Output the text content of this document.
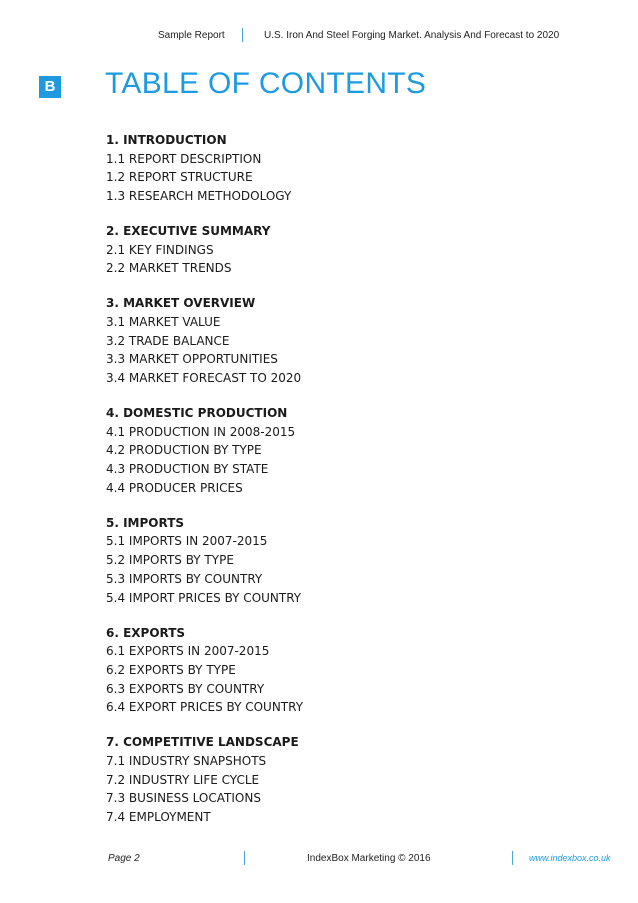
Sample Report	U.S. Iron And Steel Forging Market. Analysis And Forecast to 2020
B TABLE OF CONTENTS
1. INTRODUCTION
1.1 REPORT DESCRIPTION
1.2 REPORT STRUCTURE
1.3 RESEARCH METHODOLOGY
2. EXECUTIVE SUMMARY
2.1 KEY FINDINGS
2.2 MARKET TRENDS
3. MARKET OVERVIEW
3.1 MARKET VALUE
3.2 TRADE BALANCE
3.3 MARKET OPPORTUNITIES
3.4 MARKET FORECAST TO 2020
4. DOMESTIC PRODUCTION
4.1 PRODUCTION IN 2008-2015
4.2 PRODUCTION BY TYPE
4.3 PRODUCTION BY STATE
4.4 PRODUCER PRICES
5. IMPORTS
5.1 IMPORTS IN 2007-2015
5.2 IMPORTS BY TYPE
5.3 IMPORTS BY COUNTRY
5.4 IMPORT PRICES BY COUNTRY
6. EXPORTS
6.1 EXPORTS IN 2007-2015
6.2 EXPORTS BY TYPE
6.3 EXPORTS BY COUNTRY
6.4 EXPORT PRICES BY COUNTRY
7. COMPETITIVE LANDSCAPE
7.1 INDUSTRY SNAPSHOTS
7.2 INDUSTRY LIFE CYCLE
7.3 BUSINESS LOCATIONS
7.4 EMPLOYMENT
Page 2	IndexBox Marketing © 2016	www.indexbox.co.uk
